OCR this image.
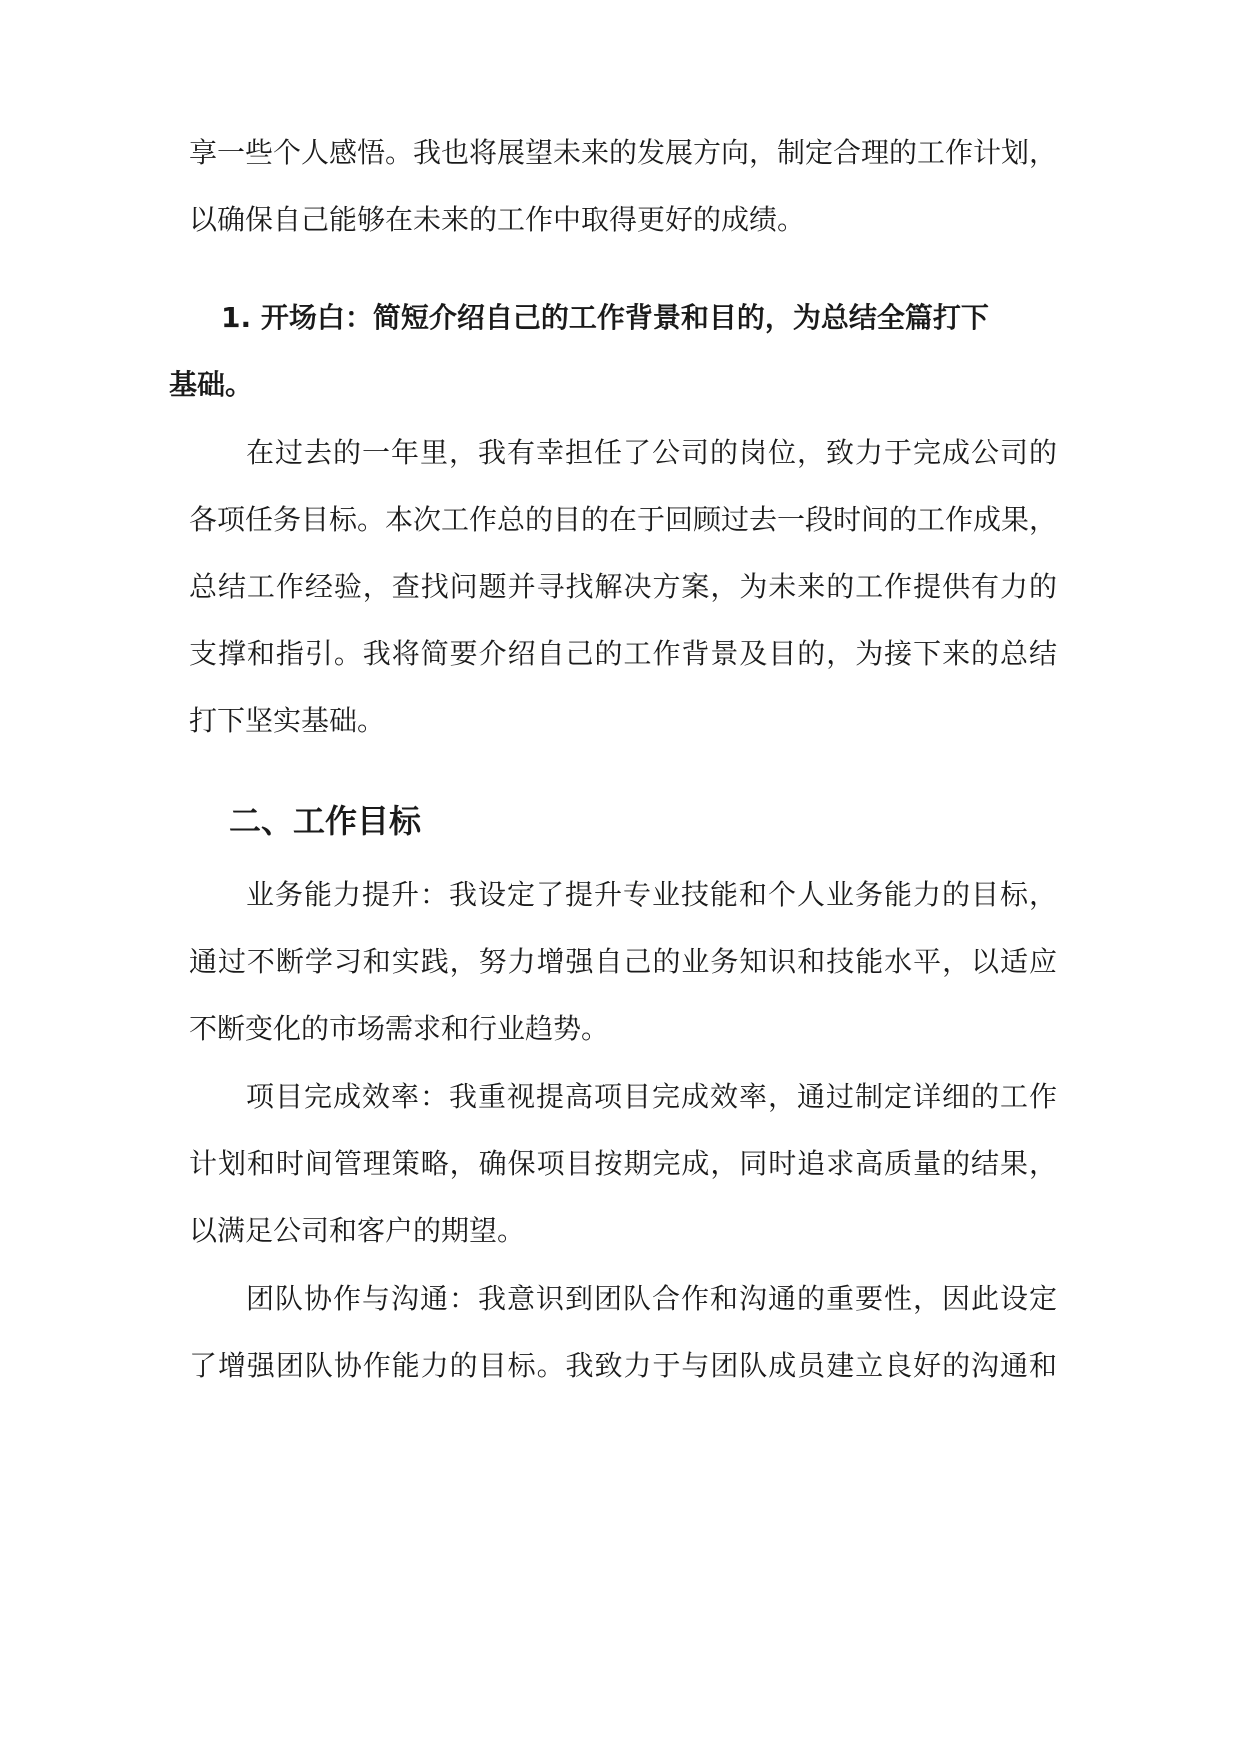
享一些个人感悟。我也将展望未来的发展方向，制定合理的工作计划，
以确保自己能够在未来的工作中取得更好的成绩。
1. 开场白：简短介绍自己的工作背景和目的，为总结全篇打下
基础。
在过去的一年里，我有幸担任了公司的岗位，致力于完成公司的
各项任务目标。本次工作总的目的在于回顾过去一段时间的工作成果，
总结工作经验，查找问题并寻找解决方案，为未来的工作提供有力的
支撑和指引。我将简要介绍自己的工作背景及目的，为接下来的总结
打下坚实基础。
二、工作目标
业务能力提升：我设定了提升专业技能和个人业务能力的目标，
通过不断学习和实践，努力增强自己的业务知识和技能水平，以适应
不断变化的市场需求和行业趋势。
项目完成效率：我重视提高项目完成效率，通过制定详细的工作
计划和时间管理策略，确保项目按期完成，同时追求高质量的结果，
以满足公司和客户的期望。
团队协作与沟通：我意识到团队合作和沟通的重要性，因此设定
了增强团队协作能力的目标。我致力于与团队成员建立良好的沟通和
